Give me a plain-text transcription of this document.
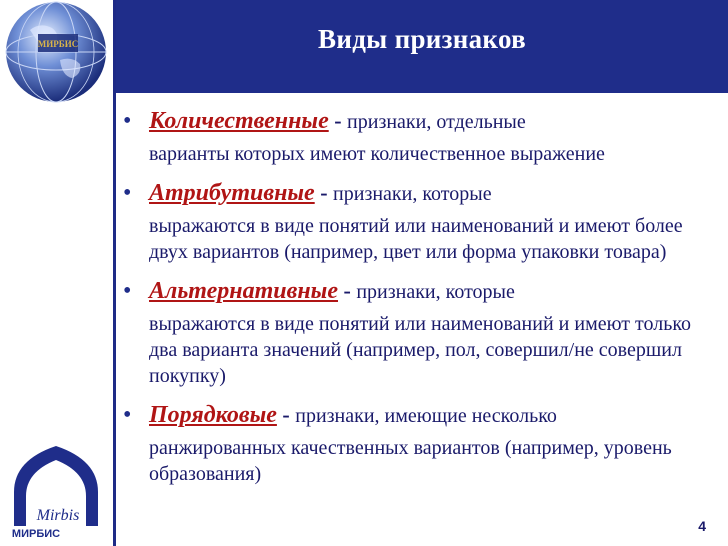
Виды признаков
МИРБИС
Mirbis
МИРБИС
• Количественные - признаки, отдельные
варианты которых имеют количественное выражение
• Атрибутивные - признаки, которые
выражаются в виде понятий или наименований и имеют более двух вариантов (например, цвет или форма упаковки товара)
• Альтернативные - признаки, которые
выражаются в виде понятий или наименований и имеют только два варианта значений (например, пол, совершил/не совершил покупку)
• Порядковые - признаки, имеющие несколько
ранжированных качественных вариантов (например, уровень образования)
4
